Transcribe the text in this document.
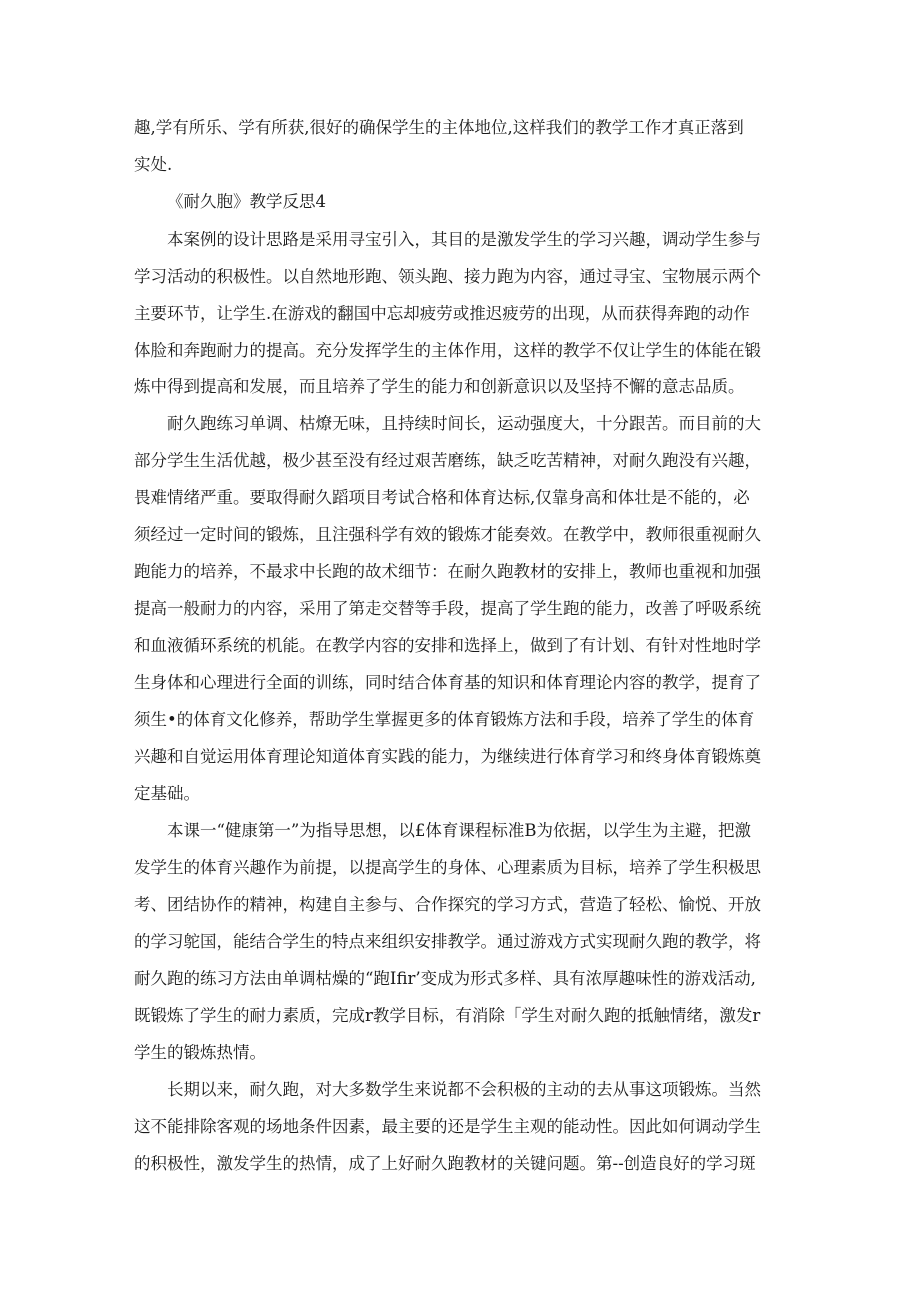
趣,学有所乐、学有所获,很好的确保学生的主体地位,这样我们的教学工作才真正落到

实处.

《耐久胞》教学反思4

本案例的设计思路是采用寻宝引入，其目的是激发学生的学习兴趣，调动学生参与

学习活动的积极性。以自然地形跑、领头跑、接力跑为内容，通过寻宝、宝物展示两个

主要环节，让学生.在游戏的翻国中忘却疲劳或推迟疲劳的出现，从而获得奔跑的动作

体脸和奔跑耐力的提高。充分发挥学生的主体作用，这样的教学不仅让学生的体能在锻

炼中得到提高和发展，而且培养了学生的能力和创新意识以及坚持不懈的意志品质。

耐久跑练习单调、枯燎无味，且持续时间长，运动强度大，十分跟苦。而目前的大

部分学生生活优越，极少甚至没有经过艰苦磨练，缺乏吃苦精神，对耐久跑没有兴趣，

畏难情绪严重。要取得耐久蹈项目考试合格和体育达标,仅靠身高和体壮是不能的，必

须经过一定时间的锻炼，且注强科学有效的锻炼才能奏效。在教学中，教师很重视耐久

跑能力的培养，不最求中长跑的故术细节：在耐久跑教材的安排上，教师也重视和加强

提高一般耐力的内容，采用了第走交替等手段，提高了学生跑的能力，改善了呼吸系统

和血液循环系统的机能。在教学内容的安排和选择上，做到了有计划、有针对性地时学

生身体和心理进行全面的训练，同时结合体育基的知识和体育理论内容的教学，提育了

须生•的体育文化修养，帮助学生掌握更多的体育锻炼方法和手段，培养了学生的体育

兴趣和自觉运用体育理论知道体育实践的能力，为继续进行体育学习和终身体育锻炼奠

定基础。

本课一“健康第一”为指导思想，以£体育课程标准B为依据，以学生为主避，把激

发学生的体育兴趣作为前提，以提高学生的身体、心理素质为目标，培养了学生积极思

考、团结协作的精神，构建自主参与、合作探究的学习方式，营造了轻松、愉悦、开放

的学习鸵国，能结合学生的特点来组织安排教学。通过游戏方式实现耐久跑的教学，将

耐久跑的练习方法由单调枯燥的“跑Ifir’变成为形式多样、具有浓厚趣味性的游戏活动,

既锻炼了学生的耐力素质，完成r教学目标，有消除「学生对耐久跑的抵触情绪，激发r

学生的锻炼热情。

长期以来，耐久跑，对大多数学生来说都不会积极的主动的去从事这项锻炼。当然

这不能排除客观的场地条件因素，最主要的还是学生主观的能动性。因此如何调动学生

的积极性，激发学生的热情，成了上好耐久跑教材的关键问题。第--创造良好的学习斑
